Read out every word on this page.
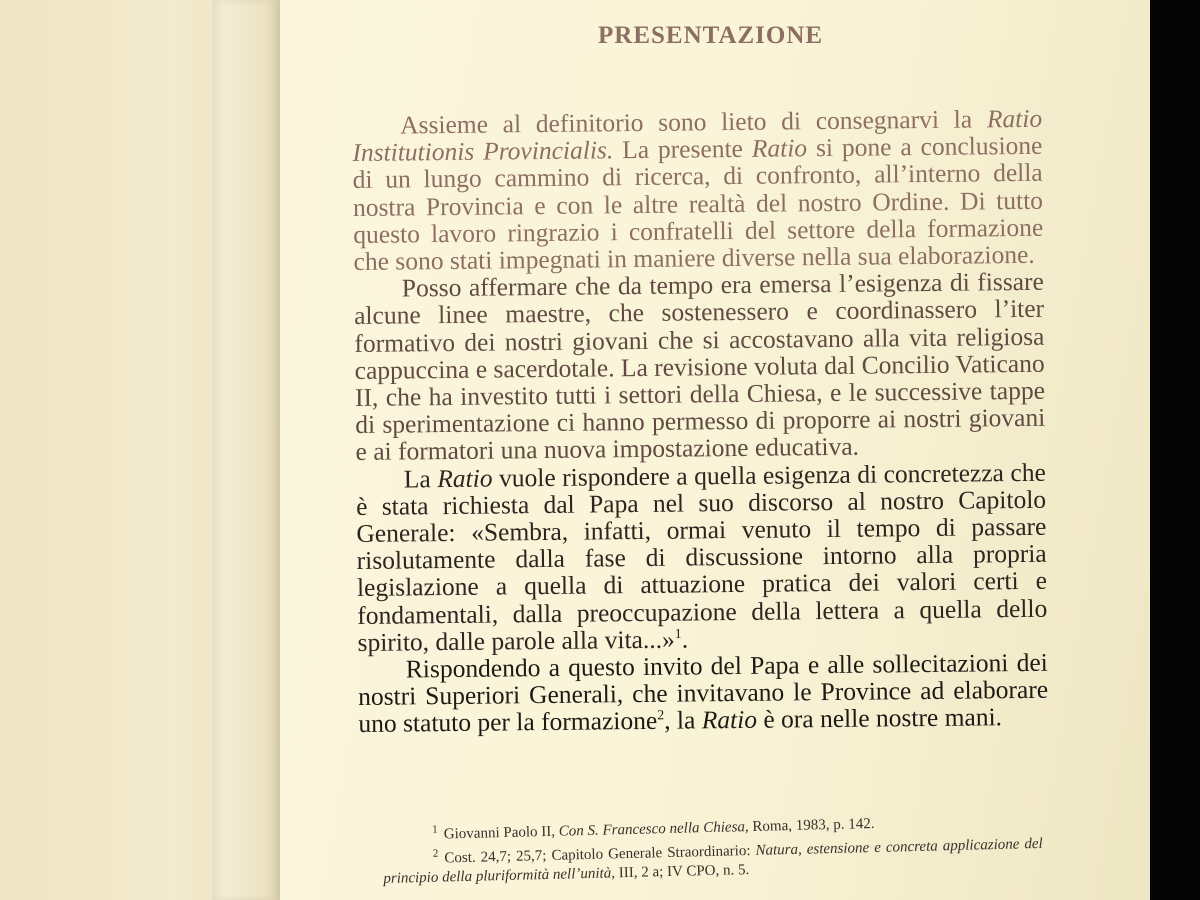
PRESENTAZIONE

Assieme al definitorio sono lieto di consegnarvi la Ratio Institutionis Provincialis. La presente Ratio si pone a conclusione di un lungo cammino di ricerca, di confronto, all’interno della nostra Provincia e con le altre realtà del nostro Ordine. Di tutto questo lavoro ringrazio i confratelli del settore della formazione che sono stati impegnati in maniere diverse nella sua elaborazione.

Posso affermare che da tempo era emersa l’esigenza di fissare alcune linee maestre, che sostenessero e coordinassero l’iter formativo dei nostri giovani che si accostavano alla vita religiosa cappuccina e sacerdotale. La revisione voluta dal Concilio Vaticano II, che ha investito tutti i settori della Chiesa, e le successive tappe di sperimentazione ci hanno permesso di proporre ai nostri giovani e ai formatori una nuova impostazione educativa.

La Ratio vuole rispondere a quella esigenza di concretezza che è stata richiesta dal Papa nel suo discorso al nostro Capitolo Generale: «Sembra, infatti, ormai venuto il tempo di passare risolutamente dalla fase di discussione intorno alla propria legislazione a quella di attuazione pratica dei valori certi e fondamentali, dalla preoccupazione della lettera a quella dello spirito, dalle parole alla vita...»$^1$.

Rispondendo a questo invito del Papa e alle sollecitazioni dei nostri Superiori Generali, che invitavano le Province ad elaborare uno statuto per la formazione$^2$, la Ratio è ora nelle nostre mani.

$^1$ Giovanni Paolo II, Con S. Francesco nella Chiesa, Roma, 1983, p. 142.

$^2$ Cost. 24,7; 25,7; Capitolo Generale Straordinario: Natura, estensione e concreta applicazione del principio della pluriformità nell’unità, III, 2 a; IV CPO, n. 5.
